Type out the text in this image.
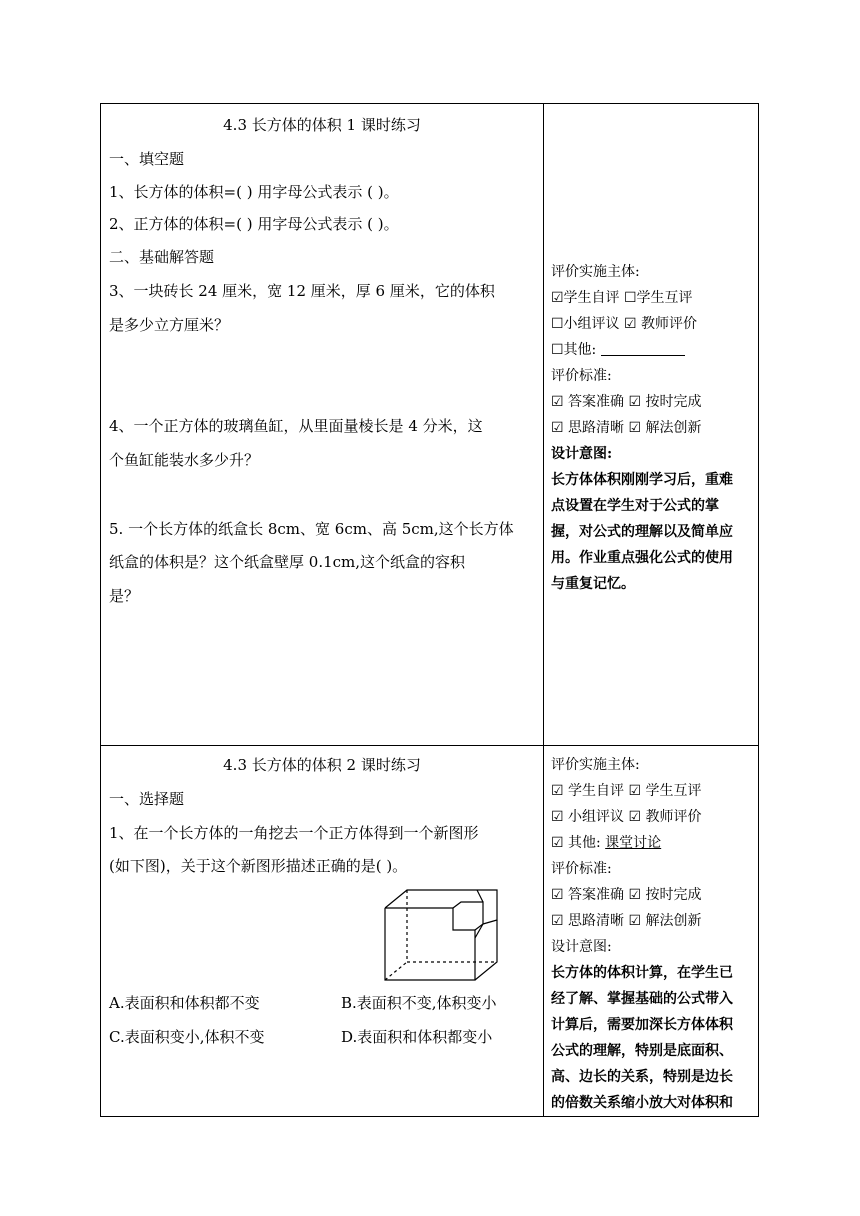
4.3 长方体的体积 1 课时练习
一、填空题
1、长方体的体积=( ) 用字母公式表示 ( )。
2、正方体的体积=( ) 用字母公式表示 ( )。
二、基础解答题
3、一块砖长 24 厘米，宽 12 厘米，厚 6 厘米，它的体积
是多少立方厘米？
4、一个正方体的玻璃鱼缸，从里面量棱长是 4 分米，这
个鱼缸能装水多少升？
5. 一个长方体的纸盒长 8cm、宽 6cm、高 5cm,这个长方体
纸盒的体积是？这个纸盒壁厚 0.1cm,这个纸盒的容积
是？
评价实施主体:
☑学生自评 ☐学生互评
☐小组评议 ☑ 教师评价
☐其他:
评价标准:
☑ 答案准确 ☑ 按时完成
☑ 思路清晰 ☑ 解法创新
设计意图:
长方体体积刚刚学习后，重难
点设置在学生对于公式的掌
握，对公式的理解以及简单应
用。作业重点强化公式的使用
与重复记忆。
4.3 长方体的体积 2 课时练习
一、选择题
1、在一个长方体的一角挖去一个正方体得到一个新图形
(如下图)，关于这个新图形描述正确的是( )。
A.表面积和体积都不变	B.表面积不变,体积变小
C.表面积变小,体积不变	D.表面积和体积都变小
评价实施主体:
☑ 学生自评 ☑ 学生互评
☑ 小组评议 ☑ 教师评价
☑ 其他: 课堂讨论
评价标准:
☑ 答案准确 ☑ 按时完成
☑ 思路清晰 ☑ 解法创新
设计意图:
长方体的体积计算，在学生已
经了解、掌握基础的公式带入
计算后，需要加深长方体体积
公式的理解，特别是底面积、
高、边长的关系，特别是边长
的倍数关系缩小放大对体积和
